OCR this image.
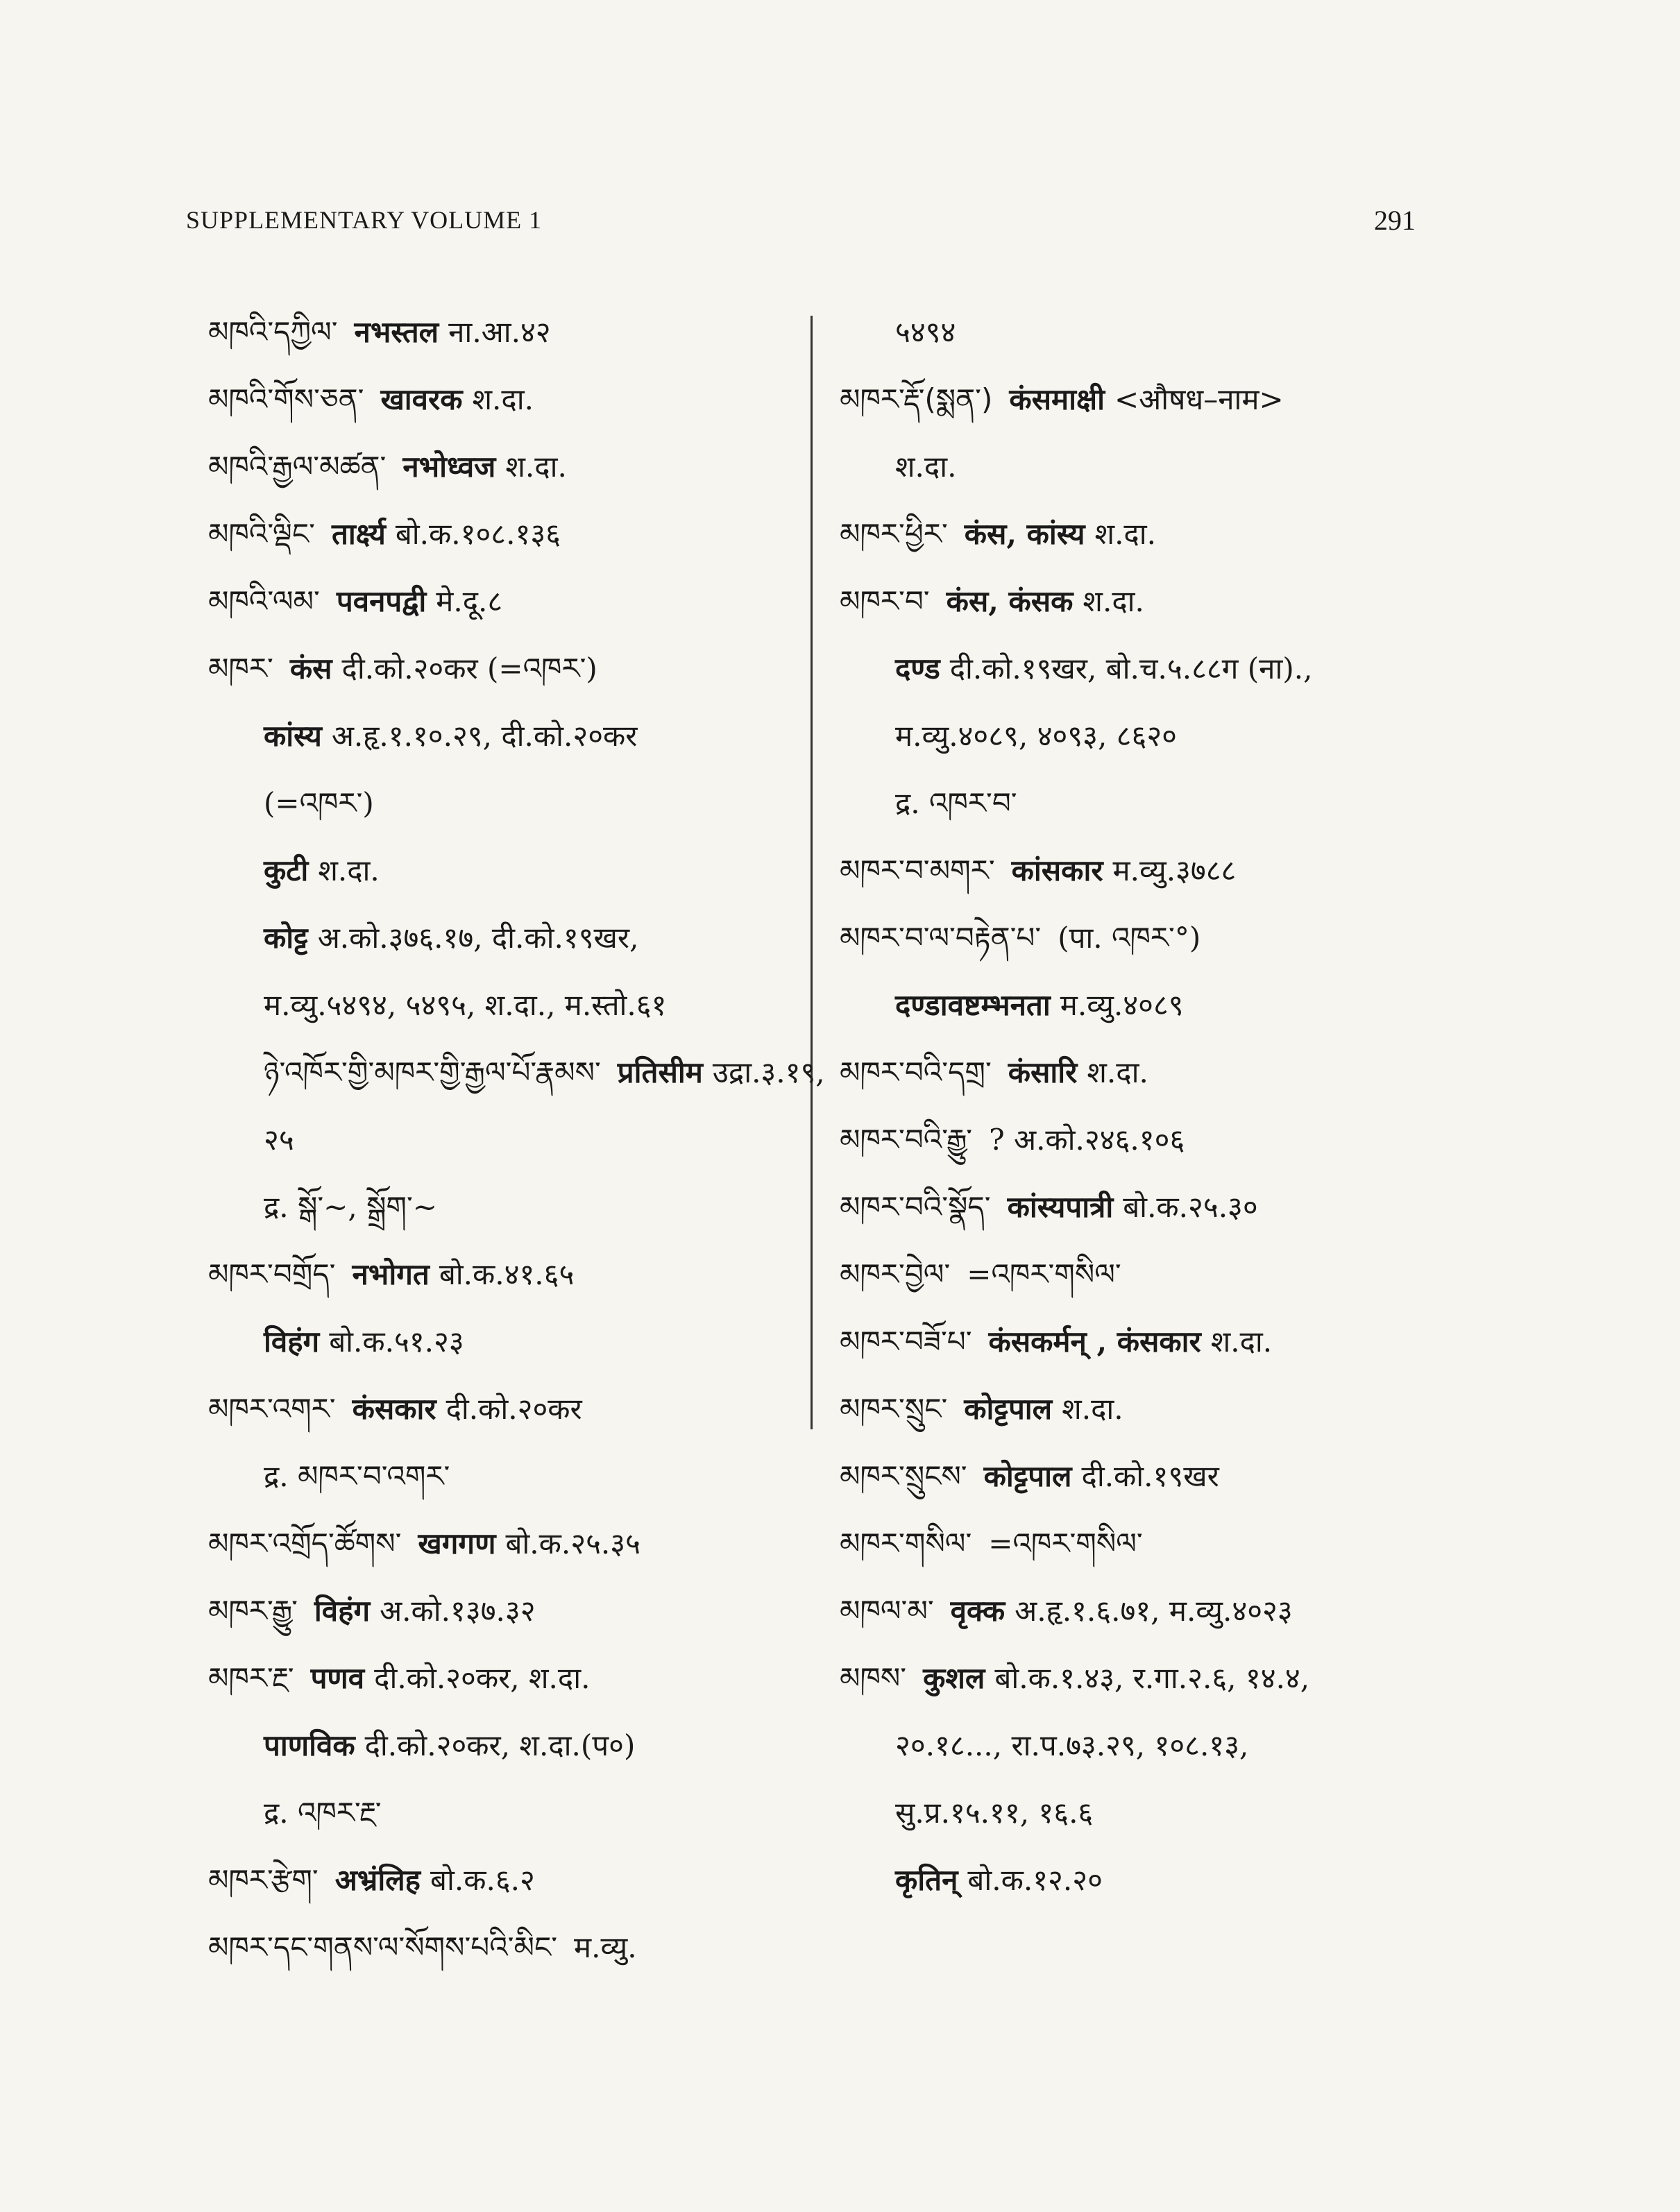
SUPPLEMENTARY VOLUME 1	291
མཁའི་དཀྱིལ་ नभस्तल ना.आ.४२
མཁའི་གོས་ཅན་ खावरक श.दा.
མཁའི་རྒྱལ་མཚན་ नभोध्वज श.दा.
མཁའི་ལྡིང་ तार्क्ष्य बो.क.१०८.१३६
མཁའི་ལམ་ पवनपद्वी मे.दू.८
མཁར་ कंस दी.को.२०कर (=འཁར་)
कांस्य अ.हृ.१.१०.२९, दी.को.२०कर
(=འཁར་)
कुटी श.दा.
कोट्ट अ.को.३७६.१७, दी.को.१९खर,
म.व्यु.५४९४, ५४९५, श.दा., म.स्तो.६१
ཉེ་འཁོར་གྱི་མཁར་གྱི་རྒྱལ་པོ་རྣམས་ प्रतिसीम उद्रा.३.१९,
२५
द्र. སྒོ་~, སྒྲོག་~
མཁར་བགྲོད་ नभोगत बो.क.४१.६५
विहंग बो.क.५१.२३
མཁར་འགར་ कंसकार दी.को.२०कर
द्र. མཁར་བ་འགར་
མཁར་འགྲོད་ཚོགས་ खगगण बो.क.२५.३५
མཁར་རྒྱུ་ विहंग अ.को.१३७.३२
མཁར་རྔ་ पणव दी.को.२०कर, श.दा.
पाणविक दी.को.२०कर, श.दा.(प०)
द्र. འཁར་རྔ་
མཁར་རྩེག་ अभ्रंलिह बो.क.६.२
མཁར་དང་གནས་ལ་སོགས་པའི་མིང་ म.व्यु.
५४९४
མཁར་རྡོ་(སྨན་) कंसमाक्षी <औषध–नाम>
श.दा.
མཁར་ཕྱིར་ कंस, कांस्य श.दा.
མཁར་བ་ कंस, कंसक श.दा.
दण्ड दी.को.१९खर, बो.च.५.८८ग (ना).,
म.व्यु.४०८९, ४०९३, ८६२०
द्र. འཁར་བ་
མཁར་བ་མགར་ कांसकार म.व्यु.३७८८
མཁར་བ་ལ་བརྟེན་པ་ (पा. འཁར་°)
दण्डावष्टम्भनता म.व्यु.४०८९
མཁར་བའི་དགྲ་ कंसारि श.दा.
མཁར་བའི་རྒྱུ་ ? अ.को.२४६.१०६
མཁར་བའི་སྣོད་ कांस्यपात्री बो.क.२५.३०
མཁར་བྱེལ་ =འཁར་གསིལ་
མཁར་བཟོ་པ་ कंसकर्मन् , कंसकार श.दा.
མཁར་སྲུང་ कोट्टपाल श.दा.
མཁར་སྲུངས་ कोट्टपाल दी.को.१९खर
མཁར་གསིལ་ =འཁར་གསིལ་
མཁལ་མ་ वृक्क अ.हृ.१.६.७१, म.व्यु.४०२३
མཁས་ कुशल बो.क.१.४३, र.गा.२.६, १४.४,
२०.१८..., रा.प.७३.२९, १०८.१३,
सु.प्र.१५.११, १६.६
कृतिन् बो.क.१२.२०
